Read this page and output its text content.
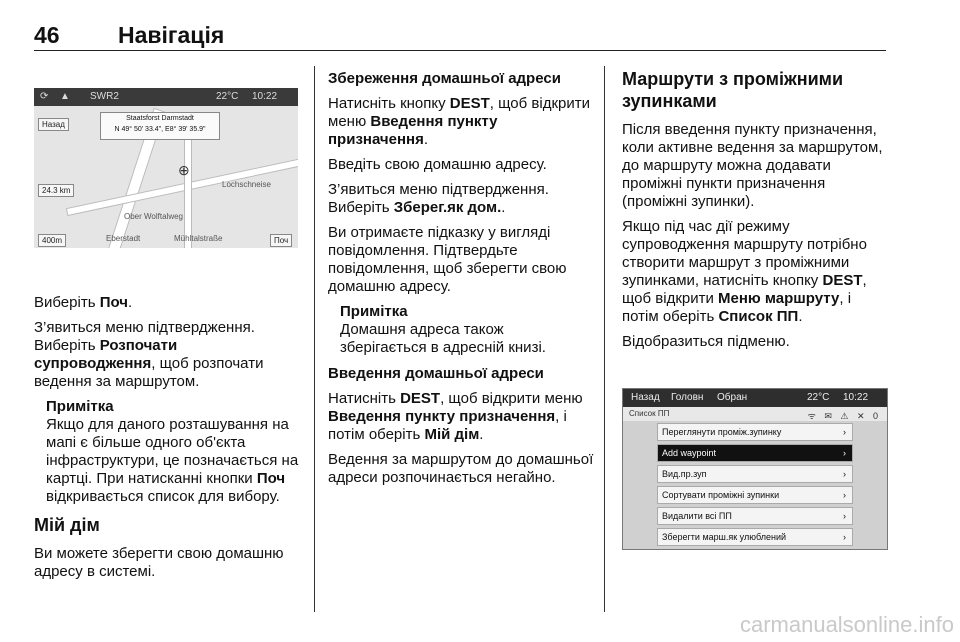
46	Навігація
⟳ ▲ SWR2	22°C 10:22
Назад
Staatsforst Darmstadt
N 49° 50' 33.4", E8° 39' 35.9"
Lochschneise
Ober Wolftalweg
Eberstadt	Mühltalstraße
⊕
24.3 km
400m	Поч

Виберіть Поч.

З’явиться меню підтвердження. Виберіть Розпочати супроводження, щоб розпочати ведення за маршрутом.

Примітка
Якщо для даного розташування на мапі є більше одного об'єкта інфраструктури, це позначається на картці. При натисканні кнопки Поч відкривається список для вибору.
Мій дім

Ви можете зберегти свою домашню адресу в системі.

Збереження домашньої адреси

Натисніть кнопку DEST, щоб відкрити меню Введення пункту призначення.

Введіть свою домашню адресу.

З’явиться меню підтвердження. Виберіть Зберег.як дом..

Ви отримаєте підказку у вигляді повідомлення. Підтвердьте повідомлення, щоб зберегти свою домашню адресу.

Примітка
Домашня адреса також зберігається в адресній книзі.

Введення домашньої адреси

Натисніть DEST, щоб відкрити меню Введення пункту призначення, і потім оберіть Мій дім.

Ведення за маршрутом до домашньої адреси розпочинається негайно.

Маршрути з проміжними зупинками

Після введення пункту призначення, коли активне ведення за маршрутом, до маршруту можна додавати проміжні пункти призначення (проміжні зупинки).

Якщо під час дії режиму супроводження маршруту потрібно створити маршрут з проміжними зупинками, натисніть кнопку DEST, щоб відкрити Меню маршруту, і потім оберіть Список ПП.

Відобразиться підменю.

Назад Головн Обран	22°C 10:22
Список ПП	ᯤ ✉ ⚠ ✕ 0
Переглянути проміж.зупинку	›
Add waypoint	›
Вид.пр.зуп	›
Сортувати проміжні зупинки	›
Видалити всі ПП	›
Зберегти марш.як улюблений	›
carmanualsonline.info
